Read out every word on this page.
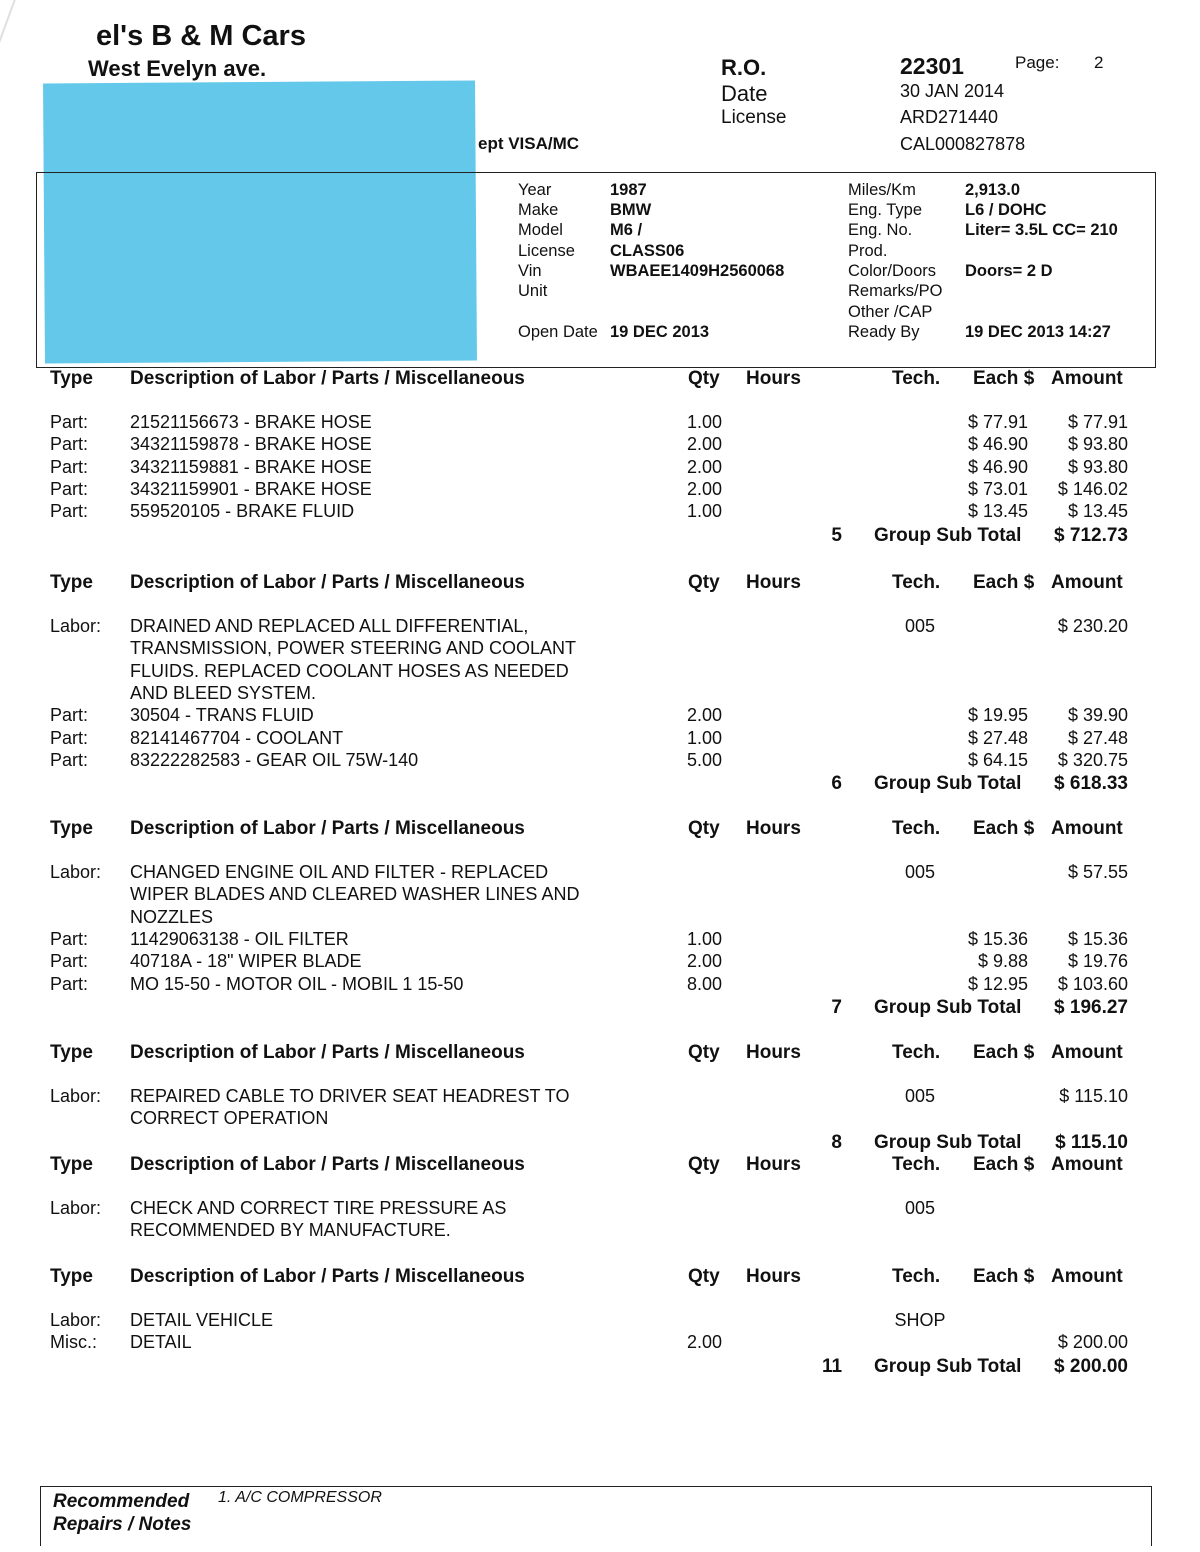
el's B & M Cars
West Evelyn ave.
ept VISA/MC
R.O.
Date
License
22301	Page: 2
30 JAN 2014
ARD271440
CAL000827878
Year	1987
Make	BMW
Model	M6 /
License CLASS06
Vin	WBAEE1409H2560068
Unit
Open Date 19 DEC 2013
Miles/Km	2,913.0
Eng. Type	L6 / DOHC
Eng. No.	Liter= 3.5L CC= 210
Prod.
Color/Doors Doors= 2 D
Remarks/PO
Other /CAP
Ready By	19 DEC 2013 14:27
Type Description of Labor / Parts / Miscellaneous	Qty Hours	Tech. Each $ Amount
Part: 21521156673 - BRAKE HOSE	1.00	$ 77.91	$ 77.91
Part: 34321159878 - BRAKE HOSE	2.00	$ 46.90	$ 93.80
Part: 34321159881 - BRAKE HOSE	2.00	$ 46.90	$ 93.80
Part: 34321159901 - BRAKE HOSE	2.00	$ 73.01	$ 146.02
Part: 559520105 - BRAKE FLUID	1.00	$ 13.45	$ 13.45
5 Group Sub Total	$ 712.73
Type Description of Labor / Parts / Miscellaneous	Qty Hours	Tech. Each $ Amount
Labor: DRAINED AND REPLACED ALL DIFFERENTIAL,	005	$ 230.20
TRANSMISSION, POWER STEERING AND COOLANT
FLUIDS. REPLACED COOLANT HOSES AS NEEDED
AND BLEED SYSTEM.
Part: 30504 - TRANS FLUID	2.00	$ 19.95	$ 39.90
Part: 82141467704 - COOLANT	1.00	$ 27.48	$ 27.48
Part: 83222282583 - GEAR OIL 75W-140	5.00	$ 64.15	$ 320.75
6 Group Sub Total	$ 618.33
Type Description of Labor / Parts / Miscellaneous	Qty Hours	Tech. Each $ Amount
Labor: CHANGED ENGINE OIL AND FILTER - REPLACED	005	$ 57.55
WIPER BLADES AND CLEARED WASHER LINES AND
NOZZLES
Part: 11429063138 - OIL FILTER	1.00	$ 15.36	$ 15.36
Part: 40718A - 18" WIPER BLADE	2.00	$ 9.88	$ 19.76
Part: MO 15-50 - MOTOR OIL - MOBIL 1 15-50	8.00	$ 12.95	$ 103.60
7 Group Sub Total	$ 196.27
Type Description of Labor / Parts / Miscellaneous	Qty Hours	Tech. Each $ Amount
Labor: REPAIRED CABLE TO DRIVER SEAT HEADREST TO	005	$ 115.10
CORRECT OPERATION
8 Group Sub Total	$ 115.10
Type Description of Labor / Parts / Miscellaneous	Qty Hours	Tech. Each $ Amount
Labor: CHECK AND CORRECT TIRE PRESSURE AS	005
RECOMMENDED BY MANUFACTURE.
Type Description of Labor / Parts / Miscellaneous	Qty Hours	Tech. Each $ Amount
Labor: DETAIL VEHICLE	SHOP
Misc.: DETAIL	2.00	$ 200.00
11 Group Sub Total	$ 200.00
Recommended
Repairs / Notes
1. A/C COMPRESSOR
